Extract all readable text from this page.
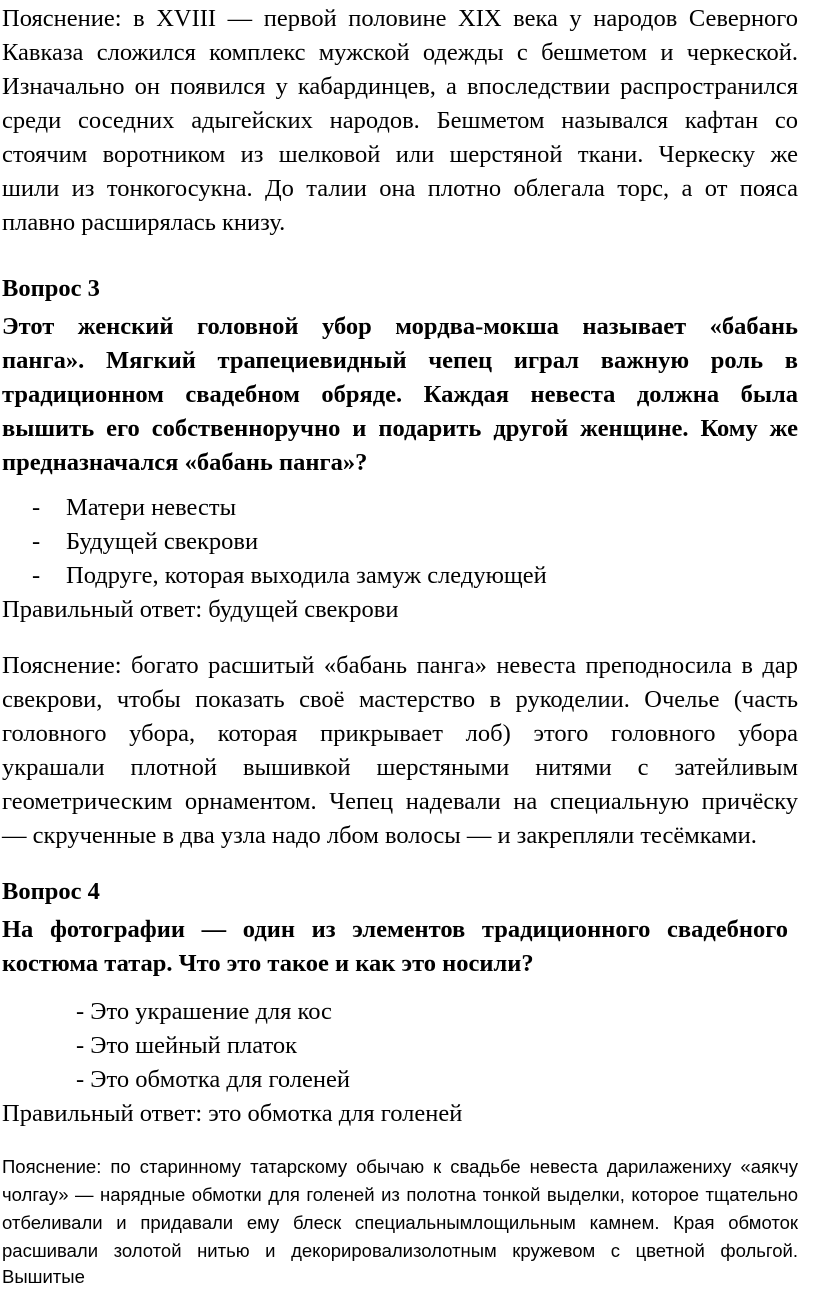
Пояснение: в XVIII — первой половине XIX века у народов Северного
Кавказа сложился комплекс мужской одежды с бешметом и черкеской.
Изначально он появился у кабардинцев, а впоследствии распространился
среди соседних адыгейских народов. Бешметом назывался кафтан со
стоячим воротником из шелковой или шерстяной ткани. Черкеску же
шили из тонкогосукна. До талии она плотно облегала торс, а от пояса
плавно расширялась книзу.
Вопрос 3
Этот женский головной убор мордва-мокша называет «бабань
панга». Мягкий трапециевидный чепец играл важную роль в
традиционном свадебном обряде. Каждая невеста должна была
вышить его собственноручно и подарить другой женщине. Кому же
предназначался «бабань панга»?
-	Матери невесты
-	Будущей свекрови
-	Подруге, которая выходила замуж следующей
Правильный ответ: будущей свекрови
Пояснение: богато расшитый «бабань панга» невеста преподносила в дар
свекрови, чтобы показать своё мастерство в рукоделии. Очелье (часть
головного убора, которая прикрывает лоб) этого головного убора
украшали плотной вышивкой шерстяными нитями с затейливым
геометрическим орнаментом. Чепец надевали на специальную причёску
— скрученные в два узла надо лбом волосы — и закрепляли тесёмками.
Вопрос 4
На фотографии — один из элементов традиционного свадебного
костюма татар. Что это такое и как это носили?
- Это украшение для кос
- Это шейный платок
- Это обмотка для голеней
Правильный ответ: это обмотка для голеней
Пояснение: по старинному татарскому обычаю к свадьбе невеста дарилажениху «аякчу
чолгау» — нарядные обмотки для голеней из полотна тонкой выделки, которое тщательно
отбеливали и придавали ему блеск специальнымлощильным камнем. Края обмоток
расшивали золотой нитью и декорировализолотным кружевом с цветной фольгой. Вышитые
